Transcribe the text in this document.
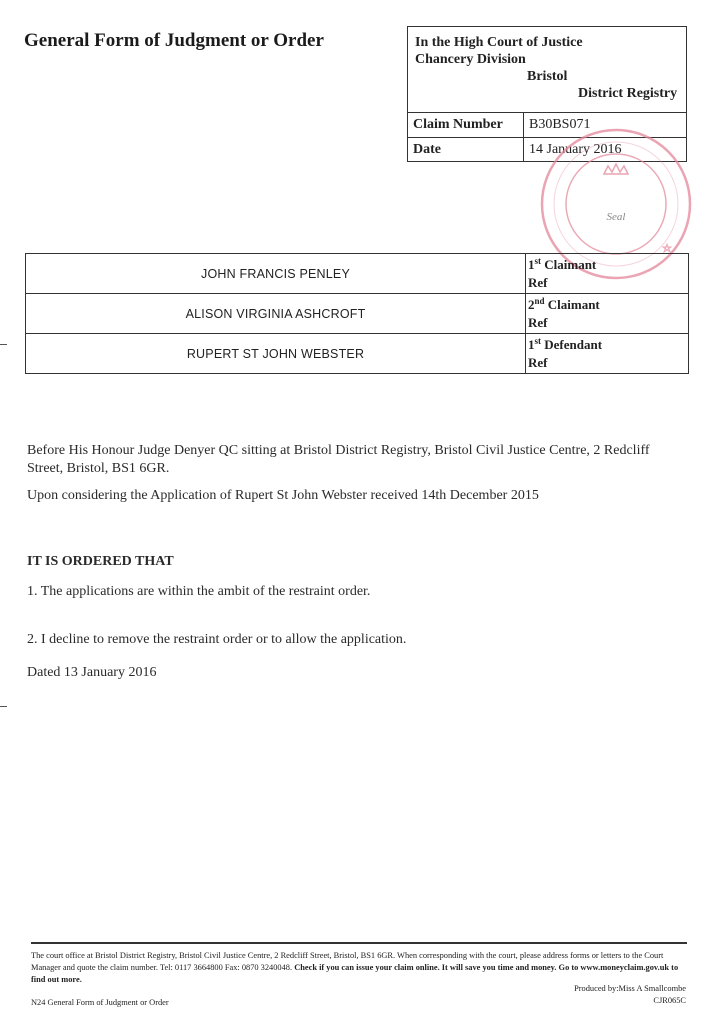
General Form of Judgment or Order	In the High Court of Justice
Chancery Division
Bristol
District Registry
Claim Number	B30BS071
Date	14 January 2016
Seal
JOHN FRANCIS PENLEY	1st Claimant
Ref
ALISON VIRGINIA ASHCROFT	2nd Claimant
Ref
RUPERT ST JOHN WEBSTER	1st Defendant
Ref
Before His Honour Judge Denyer QC sitting at Bristol District Registry, Bristol Civil Justice Centre, 2 Redcliff Street, Bristol, BS1 6GR.
Upon considering the Application of Rupert St John Webster received 14th December 2015
IT IS ORDERED THAT
1. The applications are within the ambit of the restraint order.
2. I decline to remove the restraint order or to allow the application.
Dated 13 January 2016
The court office at Bristol District Registry, Bristol Civil Justice Centre, 2 Redcliff Street, Bristol, BS1 6GR. When corresponding with the court, please address forms or letters to the Court Manager and quote the claim number. Tel: 0117 3664800 Fax: 0870 3240048. Check if you can issue your claim online. It will save you time and money. Go to www.moneyclaim.gov.uk to find out more.
Produced by:Miss A Smallcombe
CJR065C
N24 General Form of Judgment or Order
